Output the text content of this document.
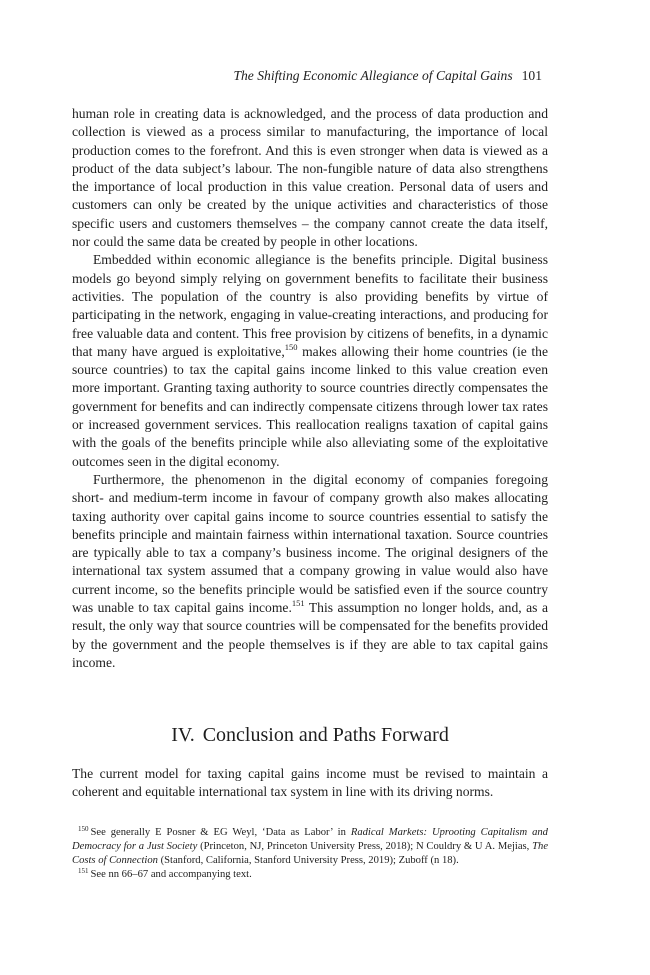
The Shifting Economic Allegiance of Capital Gains 101

human role in creating data is acknowledged, and the process of data production and collection is viewed as a process similar to manufacturing, the importance of local production comes to the forefront. And this is even stronger when data is viewed as a product of the data subject’s labour. The non-fungible nature of data also strengthens the importance of local production in this value creation. Personal data of users and customers can only be created by the unique activities and characteristics of those specific users and customers themselves – the company cannot create the data itself, nor could the same data be created by people in other locations.

Embedded within economic allegiance is the benefits principle. Digital business models go beyond simply relying on government benefits to facilitate their business activities. The population of the country is also providing benefits by virtue of participating in the network, engaging in value-creating interactions, and producing for free valuable data and content. This free provision by citizens of benefits, in a dynamic that many have argued is exploitative,$^{150}$ makes allowing their home countries (ie the source countries) to tax the capital gains income linked to this value creation even more important. Granting taxing authority to source countries directly compensates the government for benefits and can indirectly compensate citizens through lower tax rates or increased government services. This reallocation realigns taxation of capital gains with the goals of the benefits principle while also alleviating some of the exploitative outcomes seen in the digital economy.

Furthermore, the phenomenon in the digital economy of companies foregoing short- and medium-term income in favour of company growth also makes allocating taxing authority over capital gains income to source countries essential to satisfy the benefits principle and maintain fairness within international taxation. Source countries are typically able to tax a company’s business income. The original designers of the international tax system assumed that a company growing in value would also have current income, so the benefits principle would be satisfied even if the source country was unable to tax capital gains income.$^{151}$ This assumption no longer holds, and, as a result, the only way that source countries will be compensated for the benefits provided by the government and the people themselves is if they are able to tax capital gains income.

IV. Conclusion and Paths Forward

The current model for taxing capital gains income must be revised to maintain a coherent and equitable international tax system in line with its driving norms.

$^{150}$ See generally E Posner & EG Weyl, ‘Data as Labor’ in Radical Markets: Uprooting Capitalism and Democracy for a Just Society (Princeton, NJ, Princeton University Press, 2018); N Couldry & U A. Mejias, The Costs of Connection (Stanford, California, Stanford University Press, 2019); Zuboff (n 18).

$^{151}$ See nn 66–67 and accompanying text.
